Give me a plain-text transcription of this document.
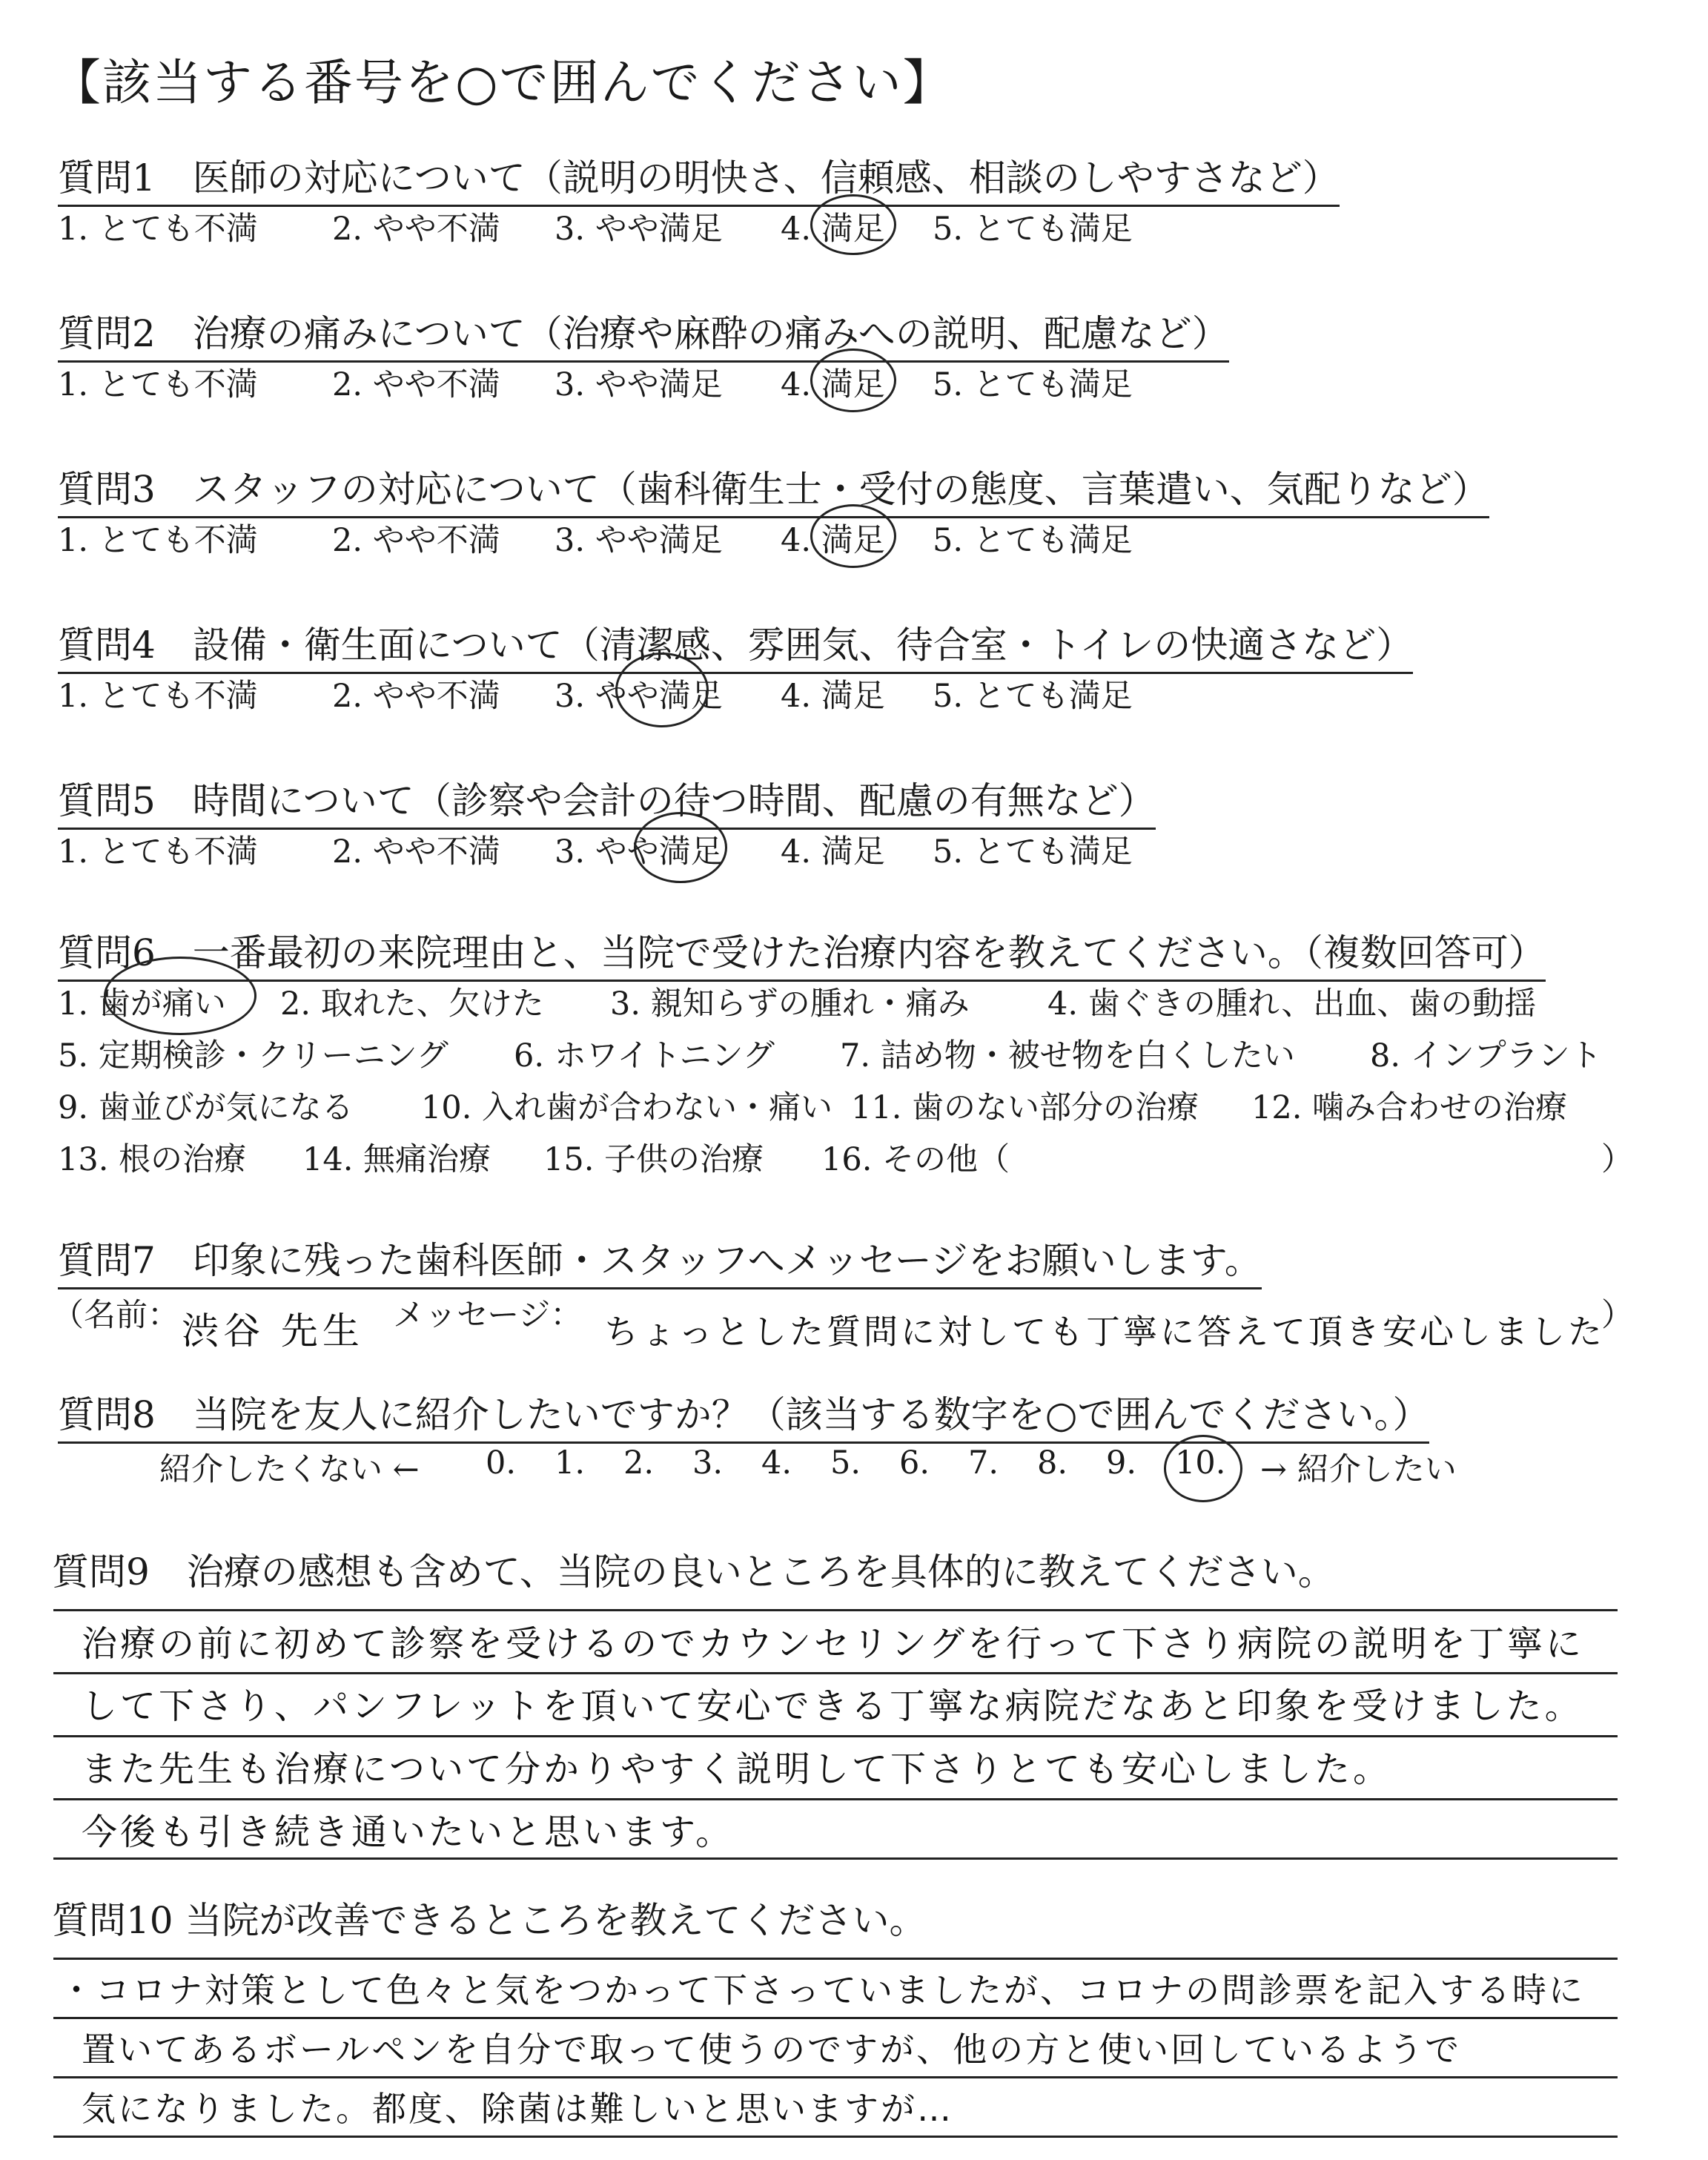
【該当する番号を○で囲んでください】
質問1　医師の対応について（説明の明快さ、信頼感、相談のしやすさなど）
1. とても不満 2. やや不満 3. やや満足 4. 満足 5. とても満足
質問2　治療の痛みについて（治療や麻酔の痛みへの説明、配慮など）
1. とても不満 2. やや不満 3. やや満足 4. 満足 5. とても満足
質問3　スタッフの対応について（歯科衛生士・受付の態度、言葉遣い、気配りなど）
1. とても不満 2. やや不満 3. やや満足 4. 満足 5. とても満足
質問4　設備・衛生面について（清潔感、雰囲気、待合室・トイレの快適さなど）
1. とても不満 2. やや不満 3. やや満足 4. 満足 5. とても満足
質問5　時間について（診察や会計の待つ時間、配慮の有無など）
1. とても不満 2. やや不満 3. やや満足 4. 満足 5. とても満足
質問6　一番最初の来院理由と、当院で受けた治療内容を教えてください。（複数回答可）
1. 歯が痛い 2. 取れた、欠けた 3. 親知らずの腫れ・痛み 4. 歯ぐきの腫れ、出血、歯の動揺
5. 定期検診・クリーニング 6. ホワイトニング 7. 詰め物・被せ物を白くしたい 8. インプラント
9. 歯並びが気になる 10. 入れ歯が合わない・痛い 11. 歯のない部分の治療 12. 噛み合わせの治療
13. 根の治療 14. 無痛治療 15. 子供の治療 16. その他（	）
質問7　印象に残った歯科医師・スタッフへメッセージをお願いします。
（名前： 渋谷 先生 メッセージ： ちょっとした質問に対しても丁寧に答えて頂き安心しました
）
質問8　当院を友人に紹介したいですか？（該当する数字を○で囲んでください。）
紹介したくない ← 0. 1. 2. 3. 4. 5. 6. 7. 8. 9. 10.	→ 紹介したい
質問9　治療の感想も含めて、当院の良いところを具体的に教えてください。
治療の前に初めて診察を受けるのでカウンセリングを行って下さり病院の説明を丁寧に
して下さり、パンフレットを頂いて安心できる丁寧な病院だなあと印象を受けました。
また先生も治療について分かりやすく説明して下さりとても安心しました。
今後も引き続き通いたいと思います。
質問10 当院が改善できるところを教えてください。
・コロナ対策として色々と気をつかって下さっていましたが、コロナの問診票を記入する時に
置いてあるボールペンを自分で取って使うのですが、他の方と使い回しているようで
気になりました。都度、除菌は難しいと思いますが…
